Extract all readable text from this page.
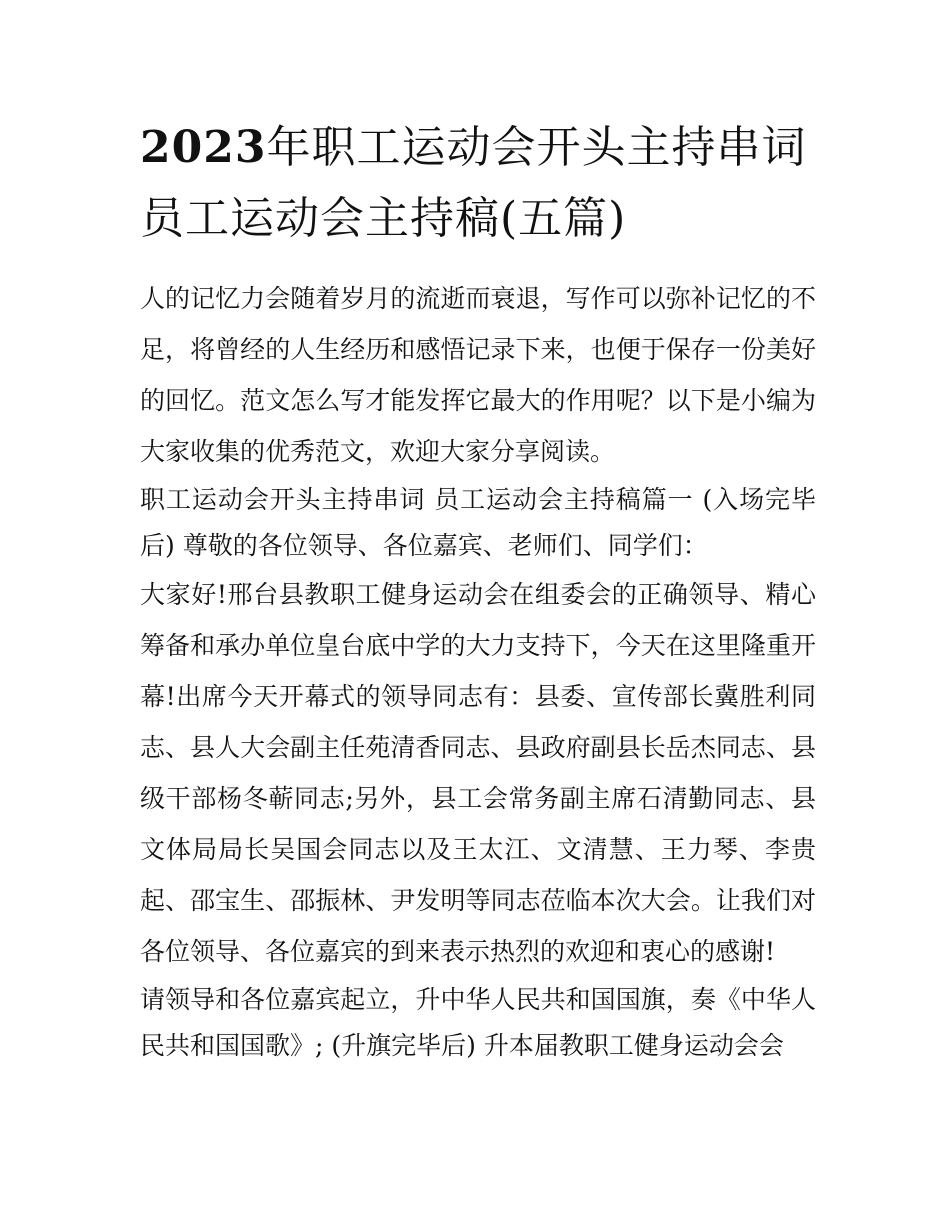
2023年职工运动会开头主持串词 员工运动会主持稿(五篇)

人的记忆力会随着岁月的流逝而衰退，写作可以弥补记忆的不足，将曾经的人生经历和感悟记录下来，也便于保存一份美好的回忆。范文怎么写才能发挥它最大的作用呢？以下是小编为大家收集的优秀范文，欢迎大家分享阅读。

职工运动会开头主持串词 员工运动会主持稿篇一 (入场完毕后) 尊敬的各位领导、各位嘉宾、老师们、同学们：

大家好!邢台县教职工健身运动会在组委会的正确领导、精心筹备和承办单位皇台底中学的大力支持下，今天在这里隆重开幕!出席今天开幕式的领导同志有：县委、宣传部长冀胜利同志、县人大会副主任苑清香同志、县政府副县长岳杰同志、县级干部杨冬蕲同志;另外，县工会常务副主席石清勤同志、县文体局局长吴国会同志以及王太江、文清慧、王力琴、李贵起、邵宝生、邵振林、尹发明等同志莅临本次大会。让我们对各位领导、各位嘉宾的到来表示热烈的欢迎和衷心的感谢!

请领导和各位嘉宾起立，升中华人民共和国国旗，奏《中华人民共和国国歌》; (升旗完毕后) 升本届教职工健身运动会会
